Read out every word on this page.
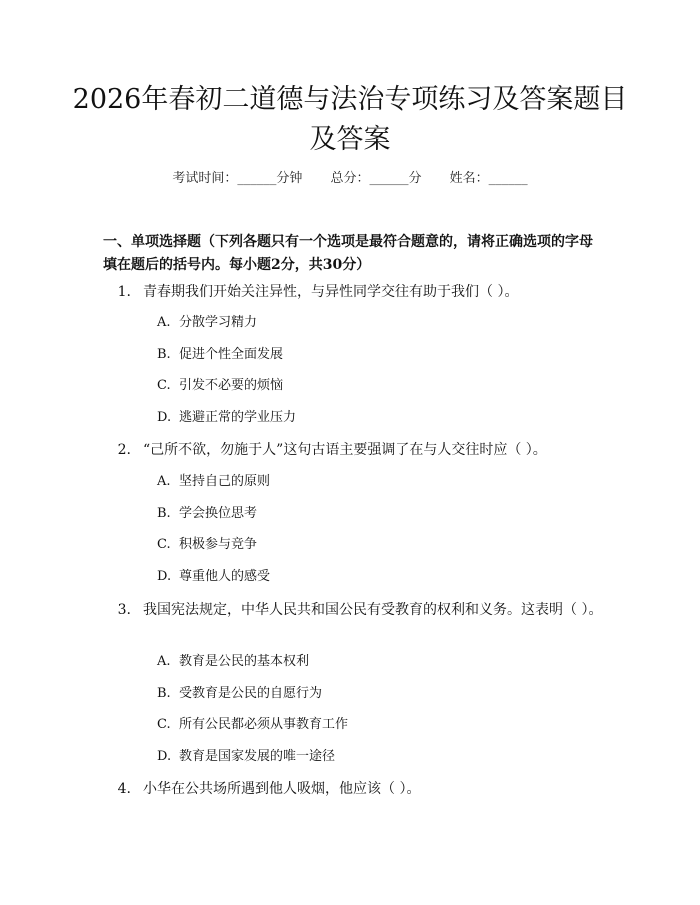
2026年春初二道德与法治专项练习及答案题目及答案
考试时间：______分钟 总分：______分 姓名：______

一、单项选择题（下列各题只有一个选项是最符合题意的，请将正确选项的字母填在题后的括号内。每小题2分，共30分）

1. 青春期我们开始关注异性，与异性同学交往有助于我们（ ）。
A. 分散学习精力
B. 促进个性全面发展
C. 引发不必要的烦恼
D. 逃避正常的学业压力
2. “己所不欲，勿施于人”这句古语主要强调了在与人交往时应（ ）。
A. 坚持自己的原则
B. 学会换位思考
C. 积极参与竞争
D. 尊重他人的感受
3. 我国宪法规定，中华人民共和国公民有受教育的权利和义务。这表明（ ）。
A. 教育是公民的基本权利
B. 受教育是公民的自愿行为
C. 所有公民都必须从事教育工作
D. 教育是国家发展的唯一途径
4. 小华在公共场所遇到他人吸烟，他应该（ ）。
